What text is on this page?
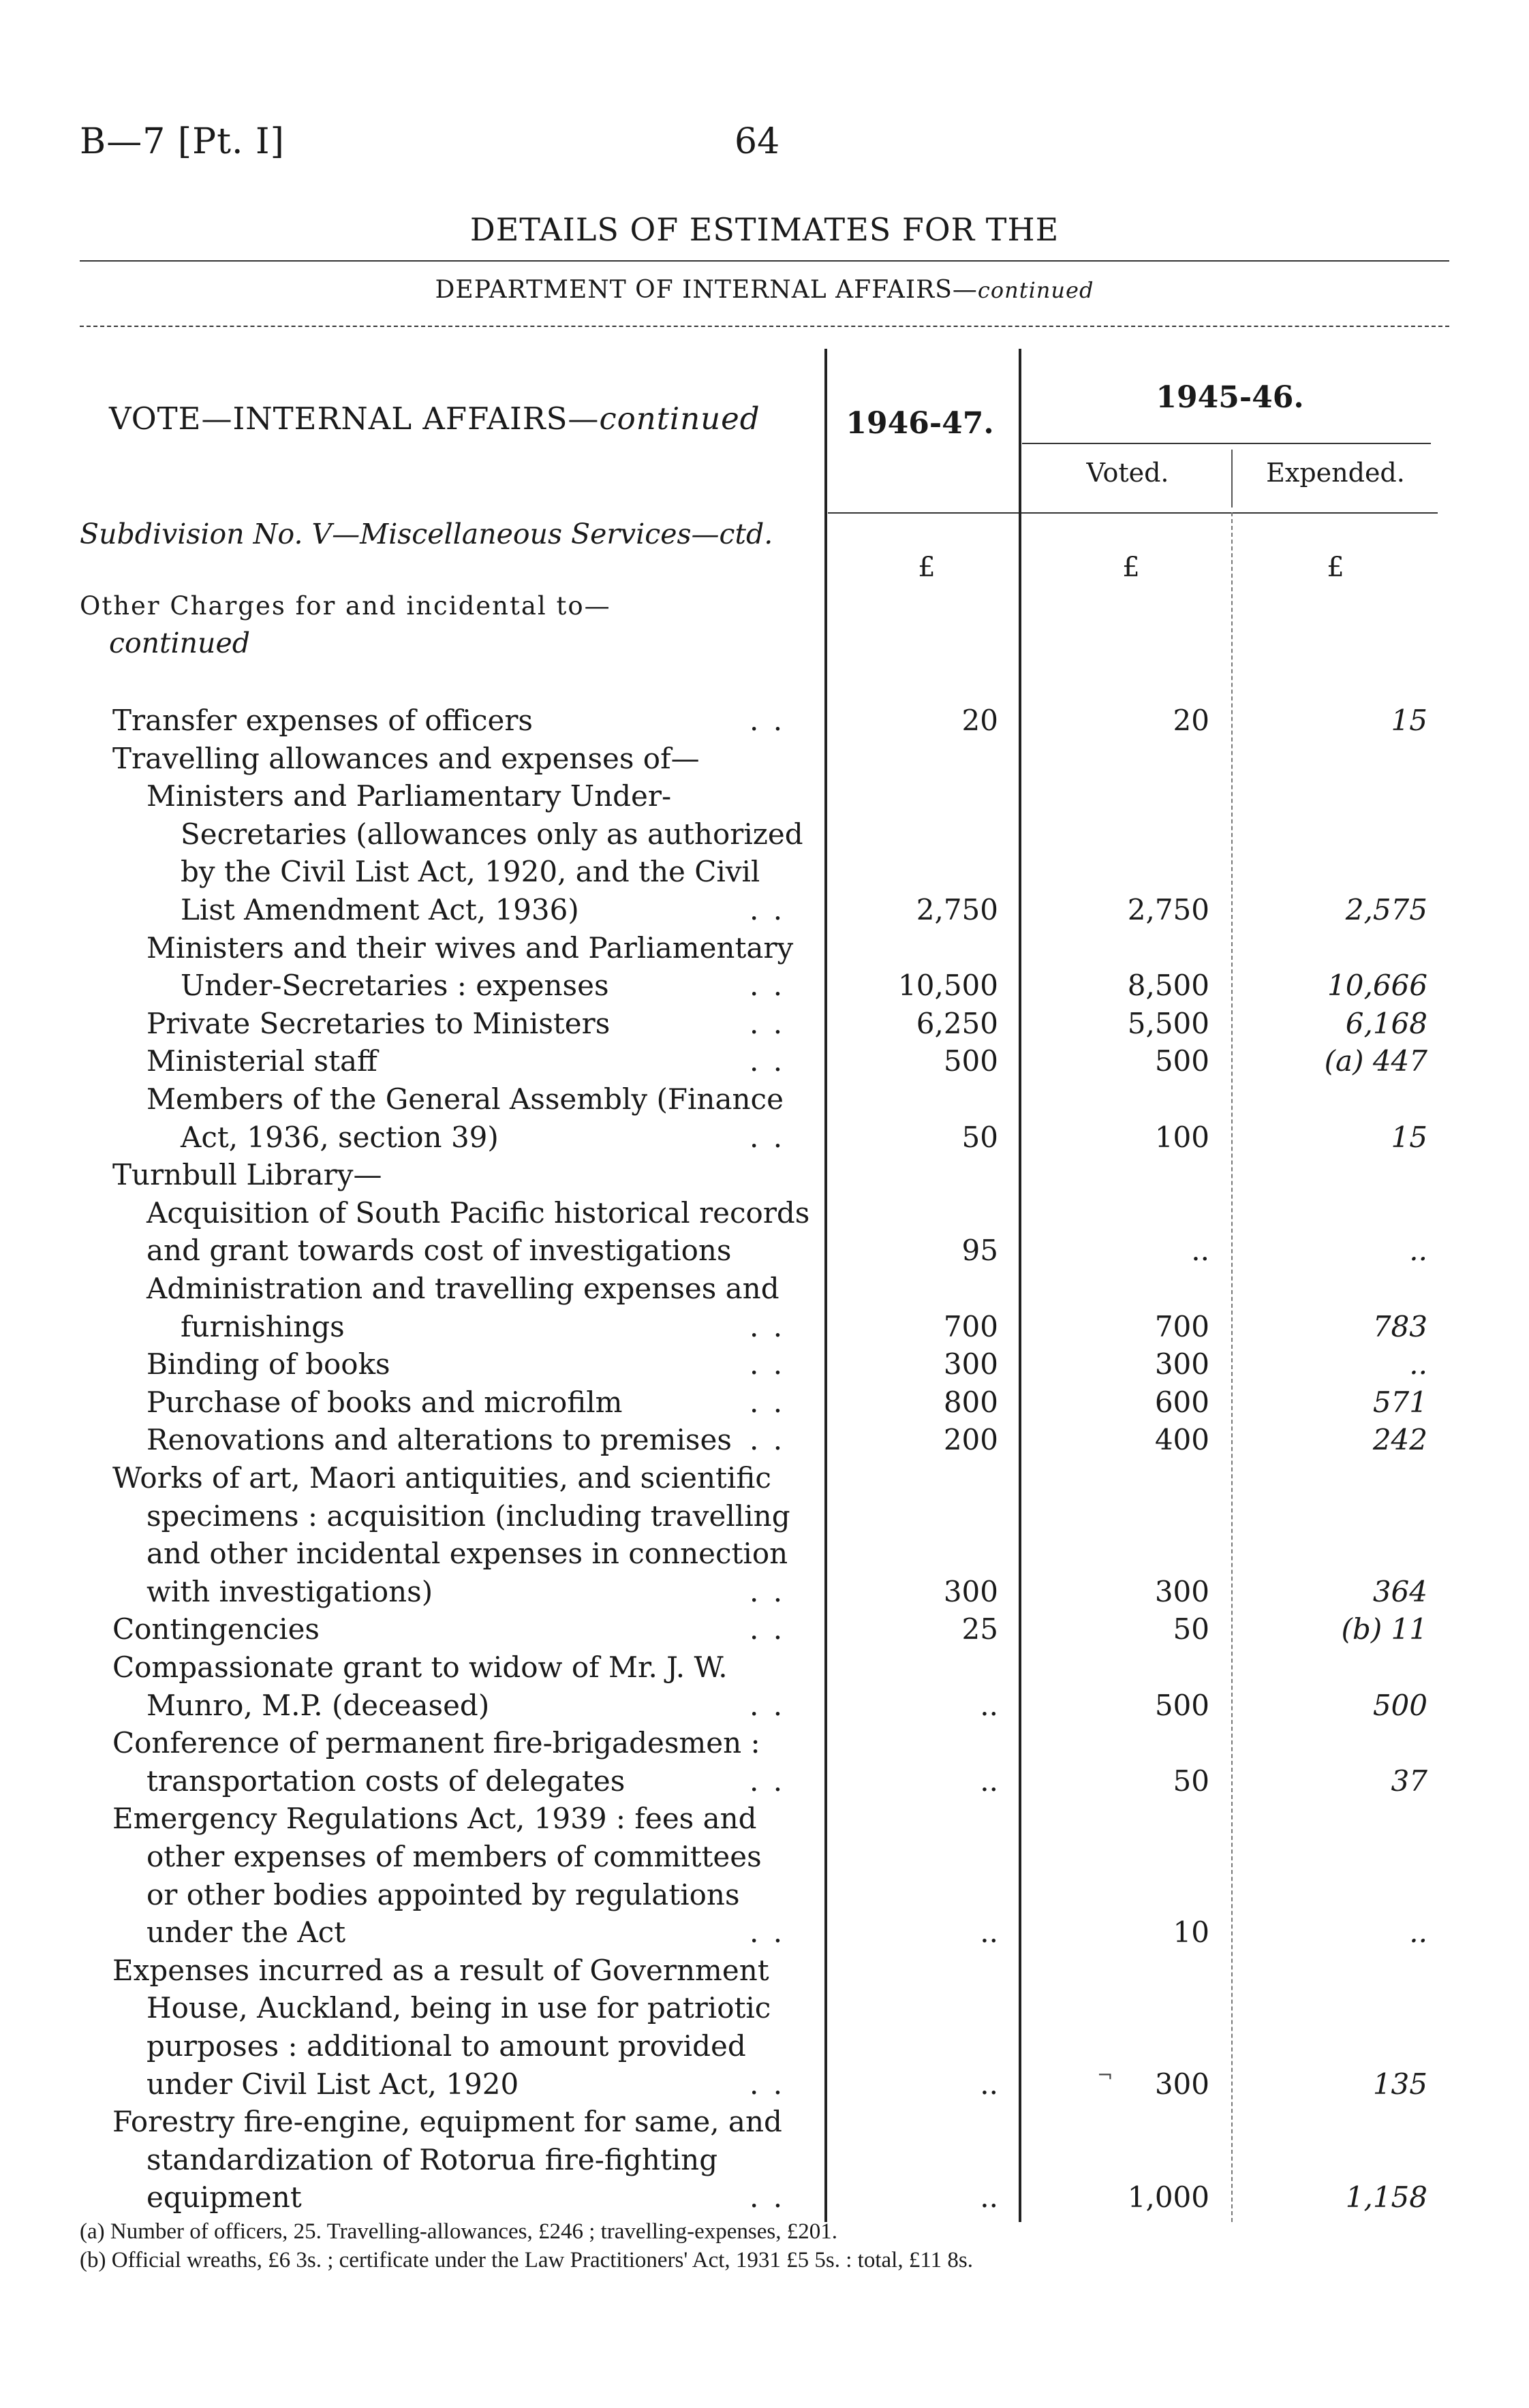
B—7 [Pt. I]	64
DETAILS OF ESTIMATES FOR THE
DEPARTMENT OF INTERNAL AFFAIRS—continued
VOTE—INTERNAL AFFAIRS—continued	1946-47.
1945-46.
Voted.	Expended.
Subdivision No. V—Miscellaneous Services—ctd.
Other Charges for and incidental to—
continued
£	£	£
Transfer expenses of officers	. .	20	20	15
Travelling allowances and expenses of—
Ministers and Parliamentary Under-
Secretaries (allowances only as authorized
by the Civil List Act, 1920, and the Civil
List Amendment Act, 1936)	. .	2,750	2,750	2,575
Ministers and their wives and Parliamentary
Under-Secretaries : expenses	. .	10,500	8,500	10,666
Private Secretaries to Ministers	. .	6,250	5,500	6,168
Ministerial staff	. .	500	500	(a) 447
Members of the General Assembly (Finance
Act, 1936, section 39)	. .	50	100	15
Turnbull Library—
Acquisition of South Pacific historical records
and grant towards cost of investigations	95	..	..
Administration and travelling expenses and
furnishings	. .	700	700	783
Binding of books	. .	300	300	..
Purchase of books and microfilm	. .	800	600	571
Renovations and alterations to premises . .	200	400	242
Works of art, Maori antiquities, and scientific
specimens : acquisition (including travelling
and other incidental expenses in connection
with investigations)	. .	300	300	364
Contingencies	. .	25	50	(b) 11
Compassionate grant to widow of Mr. J. W.
Munro, M.P. (deceased)	. .	..	500	500
Conference of permanent fire-brigadesmen :
transportation costs of delegates	. .	..	50	37
Emergency Regulations Act, 1939 : fees and
other expenses of members of committees
or other bodies appointed by regulations
under the Act	. .	..	10	..
Expenses incurred as a result of Government
House, Auckland, being in use for patriotic
purposes : additional to amount provided
under Civil List Act, 1920	. .	..	300	135
Forestry fire-engine, equipment for same, and
standardization of Rotorua fire-fighting
equipment	. .	..	1,000	1,158
¬
(a) Number of officers, 25. Travelling-allowances, £246 ; travelling-expenses, £201.
(b) Official wreaths, £6 3s. ; certificate under the Law Practitioners' Act, 1931 £5 5s. : total, £11 8s.
